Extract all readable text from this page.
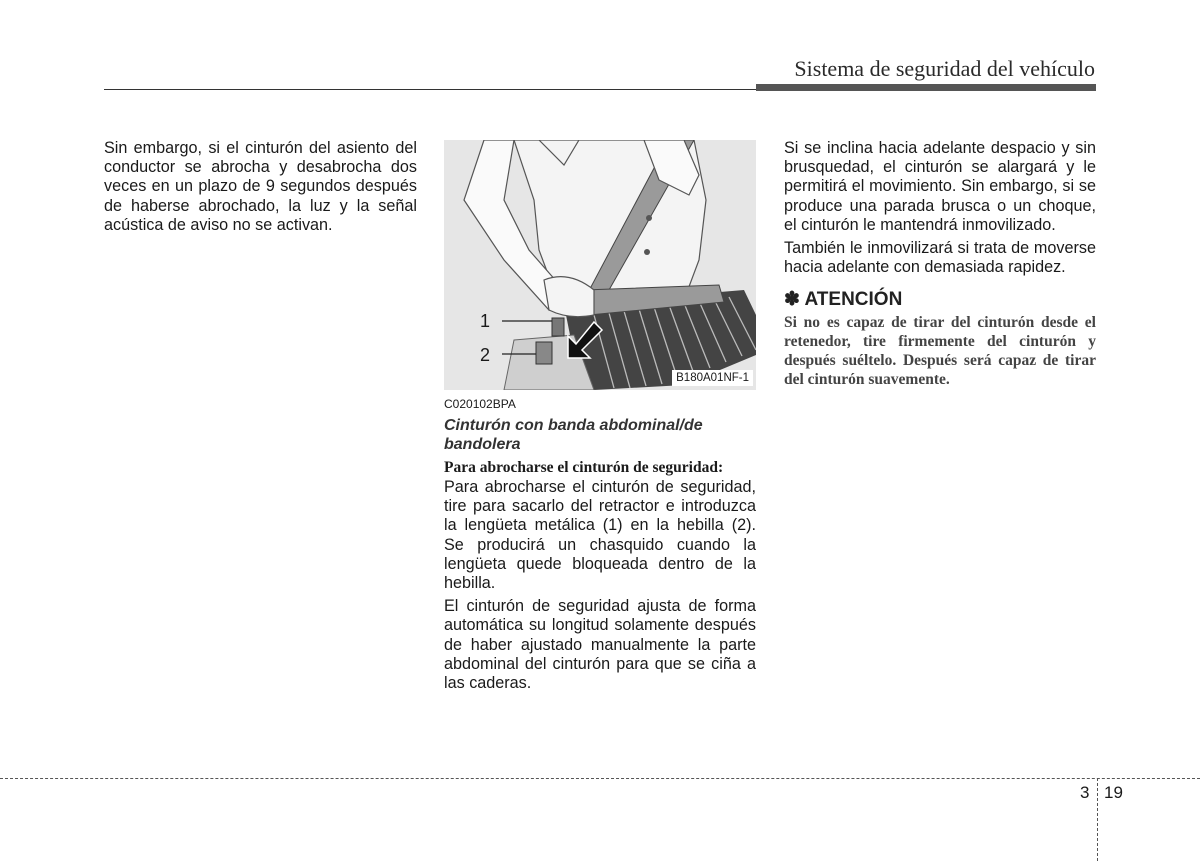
Sistema de seguridad del vehículo

Sin embargo, si el cinturón del asiento del conductor se abrocha y desabrocha dos veces en un plazo de 9 segundos después de haberse abrochado, la luz y la señal acústica de aviso no se activan.

1
2
B180A01NF-1

C020102BPA

Cinturón con banda abdominal/de bandolera

Para abrocharse el cinturón de seguridad:

Para abrocharse el cinturón de seguridad, tire para sacarlo del retractor e introduzca la lengüeta metálica (1) en la hebilla (2). Se producirá un chasquido cuando la lengüeta quede bloqueada dentro de la hebilla.

El cinturón de seguridad ajusta de forma automática su longitud solamente después de haber ajustado manualmente la parte abdominal del cinturón para que se ciña a las caderas.

Si se inclina hacia adelante despacio y sin brusquedad, el cinturón se alargará y le permitirá el movimiento. Sin embargo, si se produce una parada brusca o un choque, el cinturón le mantendrá inmovilizado.

También le inmovilizará si trata de moverse hacia adelante con demasiada rapidez.

✽ ATENCIÓN

Si no es capaz de tirar del cinturón desde el retenedor, tire firmemente del cinturón y después suéltelo. Después será capaz de tirar del cinturón suavemente.

3 19
